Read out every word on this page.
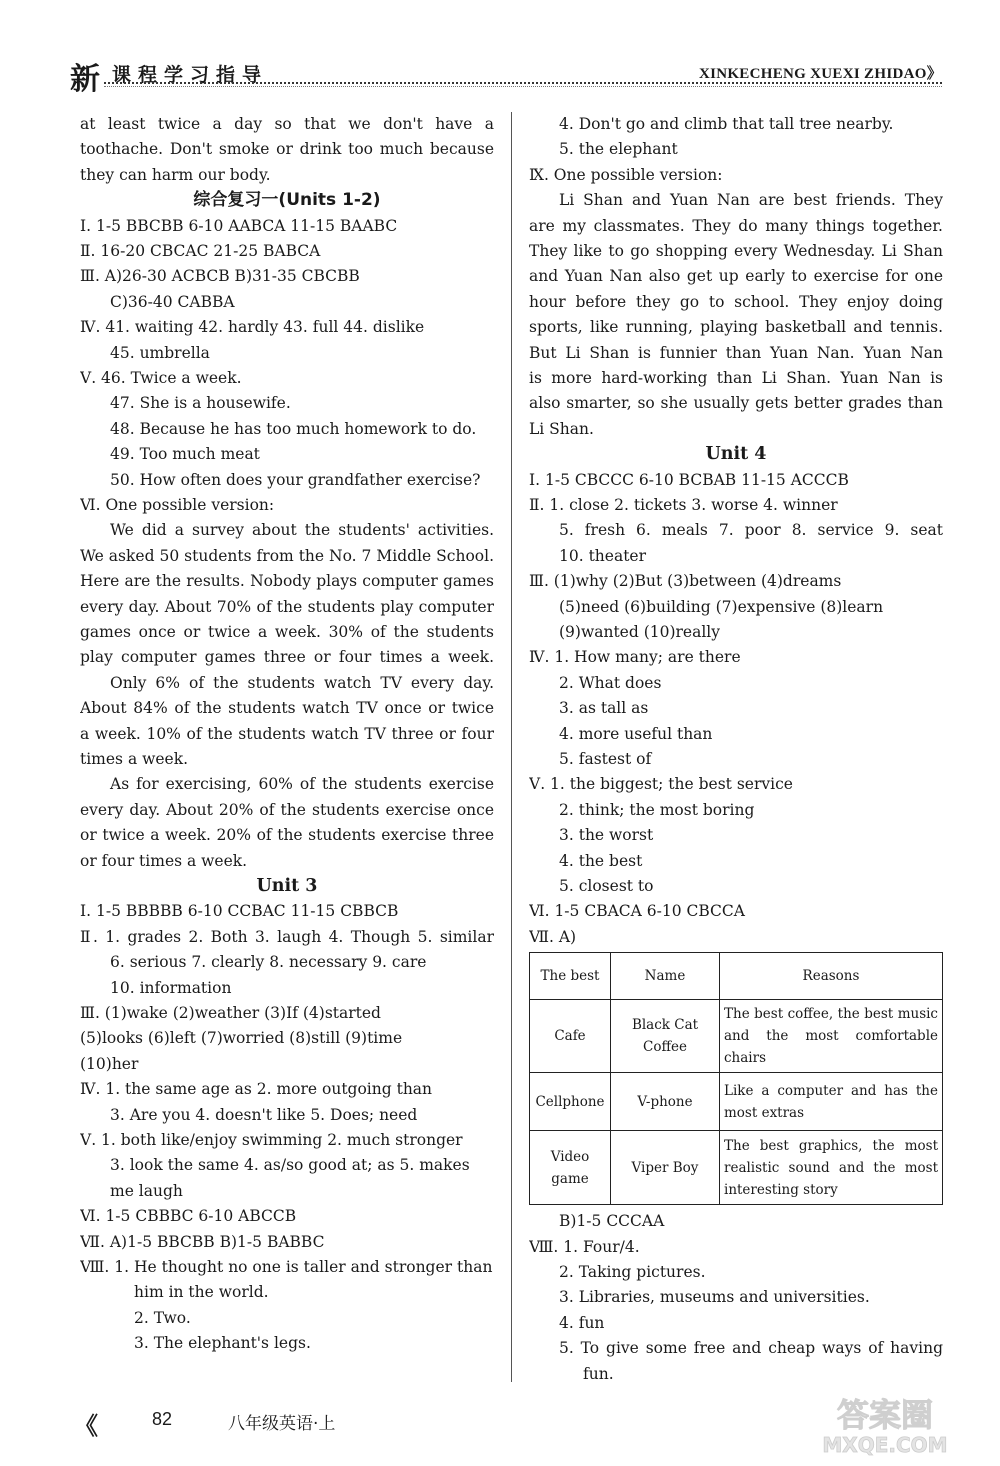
新 课程学习指导	XINKECHENG XUEXI ZHIDAO》
at least twice a day so that we don't have a
toothache. Don't smoke or drink too much because
they can harm our body.
综合复习一(Units 1-2)
Ⅰ. 1-5 BBCBB 6-10 AABCA 11-15 BAABC
Ⅱ. 16-20 CBCAC 21-25 BABCA
Ⅲ. A)26-30 ACBCB B)31-35 CBCBB
C)36-40 CABBA
Ⅳ. 41. waiting 42. hardly 43. full 44. dislike
45. umbrella
Ⅴ. 46. Twice a week.
47. She is a housewife.
48. Because he has too much homework to do.
49. Too much meat
50. How often does your grandfather exercise?
Ⅵ. One possible version:
We did a survey about the students' activities.
We asked 50 students from the No. 7 Middle School.
Here are the results. Nobody plays computer games
every day. About 70% of the students play computer
games once or twice a week. 30% of the students
play computer games three or four times a week.
Only 6% of the students watch TV every day.
About 84% of the students watch TV once or twice
a week. 10% of the students watch TV three or four
times a week.
As for exercising, 60% of the students exercise
every day. About 20% of the students exercise once
or twice a week. 20% of the students exercise three
or four times a week.
Unit 3
Ⅰ. 1-5 BBBBB 6-10 CCBAC 11-15 CBBCB
Ⅱ. 1. grades 2. Both 3. laugh 4. Though 5. similar
6. serious 7. clearly 8. necessary 9. care
10. information
Ⅲ. (1)wake (2)weather (3)If (4)started
(5)looks (6)left (7)worried (8)still (9)time
(10)her
Ⅳ. 1. the same age as 2. more outgoing than
3. Are you 4. doesn't like 5. Does; need
Ⅴ. 1. both like/enjoy swimming 2. much stronger
3. look the same 4. as/so good at; as 5. makes
me laugh
Ⅵ. 1-5 CBBBC 6-10 ABCCB
Ⅶ. A)1-5 BBCBB B)1-5 BABBC
Ⅷ. 1. He thought no one is taller and stronger than
him in the world.
2. Two.
3. The elephant's legs.
4. Don't go and climb that tall tree nearby.
5. the elephant
Ⅸ. One possible version:
Li Shan and Yuan Nan are best friends. They
are my classmates. They do many things together.
They like to go shopping every Wednesday. Li Shan
and Yuan Nan also get up early to exercise for one
hour before they go to school. They enjoy doing
sports, like running, playing basketball and tennis.
But Li Shan is funnier than Yuan Nan. Yuan Nan
is more hard-working than Li Shan. Yuan Nan is
also smarter, so she usually gets better grades than
Li Shan.
Unit 4
Ⅰ. 1-5 CBCCC 6-10 BCBAB 11-15 ACCCB
Ⅱ. 1. close 2. tickets 3. worse 4. winner
5. fresh 6. meals 7. poor 8. service 9. seat
10. theater
Ⅲ. (1)why (2)But (3)between (4)dreams
(5)need (6)building (7)expensive (8)learn
(9)wanted (10)really
Ⅳ. 1. How many; are there
2. What does
3. as tall as
4. more useful than
5. fastest of
Ⅴ. 1. the biggest; the best service
2. think; the most boring
3. the worst
4. the best
5. closest to
Ⅵ. 1-5 CBACA 6-10 CBCCA
Ⅶ. A)
The best	Name	Reasons
Cafe	Black Cat Coffee	The best coffee, the best music and the most comfortable chairs
Cellphone	V-phone	Like a computer and has the most extras
Video game	Viper Boy	The best graphics, the most realistic sound and the most interesting story
B)1-5 CCCAA
Ⅷ. 1. Four/4.
2. Taking pictures.
3. Libraries, museums and universities.
4. fun
5. To give some free and cheap ways of having
fun.
《	82	八年级英语·上	答案圈
MXQE.COM
